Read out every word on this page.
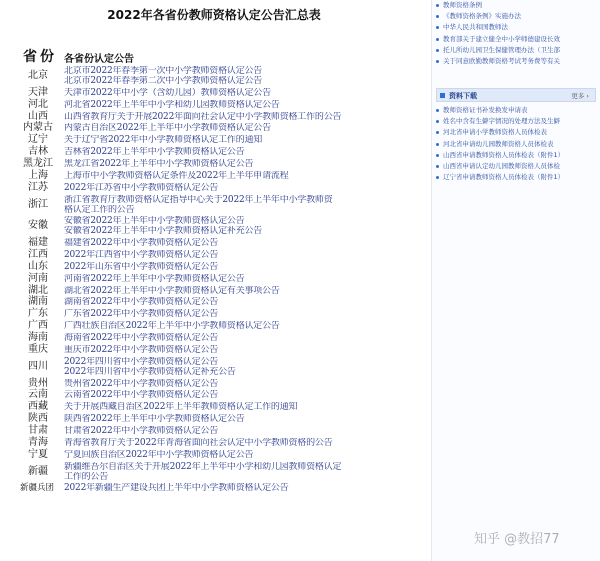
2022年各省份教师资格认定公告汇总表
省份 各省份认定公告
北京	北京市2022年春季第一次中小学教师资格认定公告
北京市2022年春季第二次中小学教师资格认定公告
天津	天津市2022年中小学（含幼儿园）教师资格认定公告
河北	河北省2022年上半年中小学和幼儿园教师资格认定公告
山西	山西省教育厅关于开展2022年面向社会认定中小学教师资格工作的公告
内蒙古	内蒙古自治区2022年上半年中小学教师资格认定公告
辽宁	关于辽宁省2022年中小学教师资格认定工作的通知
吉林	吉林省2022年上半年中小学教师资格认定公告
黑龙江	黑龙江省2022年上半年中小学教师资格认定公告
上海	上海市中小学教师资格认定条件及2022年上半年申请流程
江苏	2022年江苏省中小学教师资格认定公告
浙江	浙江省教育厅教师资格认定指导中心关于2022年上半年中小学教师资
格认定工作的公告
安徽	安徽省2022年上半年中小学教师资格认定公告
安徽省2022年上半年中小学教师资格认定补充公告
福建	福建省2022年中小学教师资格认定公告
江西	2022年江西省中小学教师资格认定公告
山东	2022年山东省中小学教师资格认定公告
河南	河南省2022年上半年中小学教师资格认定公告
湖北	湖北省2022年上半年中小学教师资格认定有关事项公告
湖南	湖南省2022年中小学教师资格认定公告
广东	广东省2022年中小学教师资格认定公告
广西	广西壮族自治区2022年上半年中小学教师资格认定公告
海南	海南省2022年中小学教师资格认定公告
重庆	重庆市2022年中小学教师资格认定公告
四川	2022年四川省中小学教师资格认定公告
2022年四川省中小学教师资格认定补充公告
贵州	贵州省2022年中小学教师资格认定公告
云南	云南省2022年中小学教师资格认定公告
西藏	关于开展西藏自治区2022年上半年教师资格认定工作的通知
陕西	陕西省2022年上半年中小学教师资格认定公告
甘肃	甘肃省2022年中小学教师资格认定公告
青海	青海省教育厅关于2022年青海省面向社会认定中小学教师资格的公告
宁夏	宁夏回族自治区2022年中小学教师资格认定公告
新疆	新疆维吾尔自治区关于开展2022年上半年中小学和幼儿园教师资格认定
工作的公告
新疆兵团	2022年新疆生产建设兵团上半年中小学教师资格认定公告
教师资格条例
《教师资格条例》实施办法
中华人民共和国教师法
教育部关于建立健全中小学师德建设长效
托儿所幼儿园卫生保健管理办法（卫生部
关于同意欧勤教师资格考试考务费等有关
资料下载	更多 ›
教师资格证书补发换发申请表
姓名中含有生僻字情况的处理方法及生僻
河北省申请小学教师资格人员体检表
河北省申请幼儿园教师资格人员体检表
山西省申请教师资格人员体检表（附件1）
山西省申请认定幼儿园教师资格人员体检
辽宁省申请教师资格人员体检表（附件1）
知乎 @教招77
